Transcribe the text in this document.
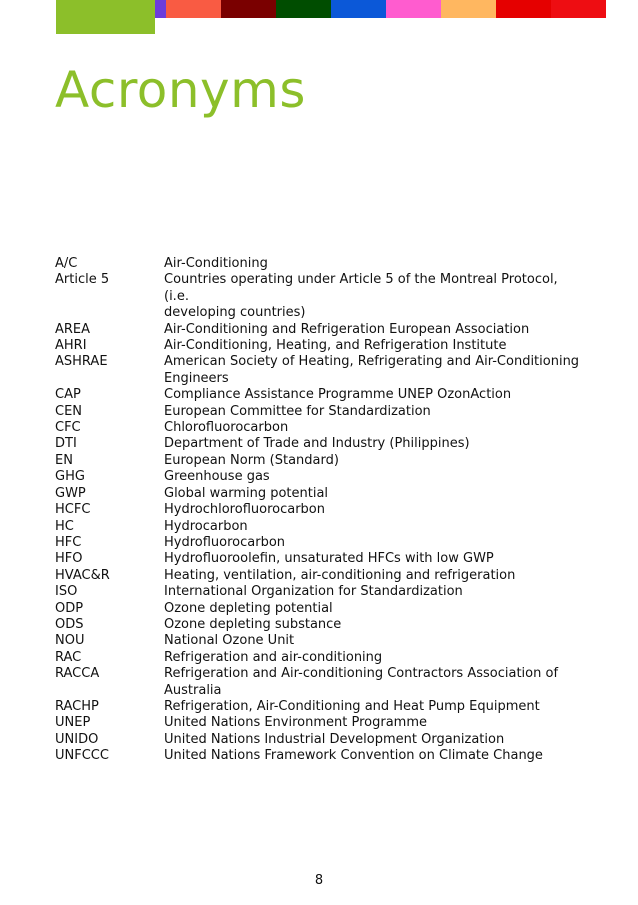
Acronyms
A/C	Air-Conditioning
Article 5	Countries operating under Article 5 of the Montreal Protocol, (i.e.
developing countries)
AREA	Air-Conditioning and Refrigeration European Association
AHRI	Air-Conditioning, Heating, and Refrigeration Institute
ASHRAE	American Society of Heating, Refrigerating and Air-Conditioning
Engineers
CAP	Compliance Assistance Programme UNEP OzonAction
CEN	European Committee for Standardization
CFC	Chlorofluorocarbon
DTI	Department of Trade and Industry (Philippines)
EN	European Norm (Standard)
GHG	Greenhouse gas
GWP	Global warming potential
HCFC	Hydrochlorofluorocarbon
HC	Hydrocarbon
HFC	Hydrofluorocarbon
HFO	Hydrofluoroolefin, unsaturated HFCs with low GWP
HVAC&R	Heating, ventilation, air-conditioning and refrigeration
ISO	International Organization for Standardization
ODP	Ozone depleting potential
ODS	Ozone depleting substance
NOU	National Ozone Unit
RAC	Refrigeration and air-conditioning
RACCA	Refrigeration and Air-conditioning Contractors Association of
Australia
RACHP	Refrigeration, Air-Conditioning and Heat Pump Equipment
UNEP	United Nations Environment Programme
UNIDO	United Nations Industrial Development Organization
UNFCCC	United Nations Framework Convention on Climate Change
8
